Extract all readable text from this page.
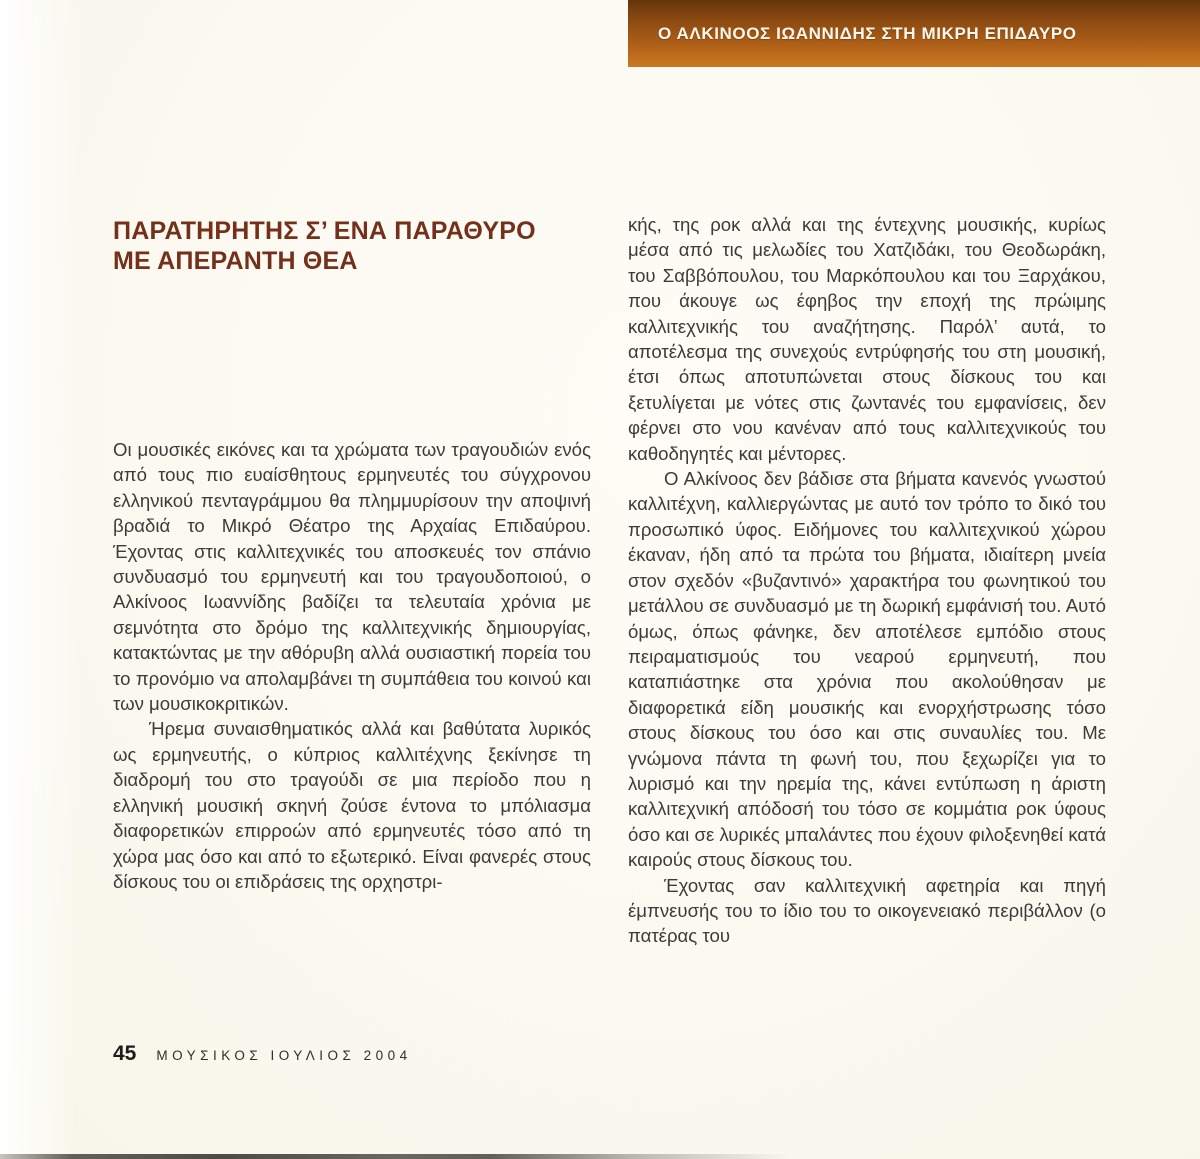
Ο ΑΛΚΙΝΟΟΣ ΙΩΑΝΝΙΔΗΣ ΣΤΗ ΜΙΚΡΗ ΕΠΙΔΑΥΡΟ
ΠΑΡΑΤΗΡΗΤΗΣ Σ’ ΕΝΑ ΠΑΡΑΘΥΡΟ
ΜΕ ΑΠΕΡΑΝΤΗ ΘΕΑ

Οι μουσικές εικόνες και τα χρώματα των τραγουδιών ενός από τους πιο ευαίσθητους ερμηνευτές του σύγχρονου ελληνικού πενταγράμμου θα πλημμυρίσουν την αποψινή βραδιά το Μικρό Θέατρο της Αρχαίας Επιδαύρου. Έχοντας στις καλλιτεχνικές του αποσκευές τον σπάνιο συνδυασμό του ερμηνευτή και του τραγουδοποιού, ο Αλκίνοος Ιωαννίδης βαδίζει τα τελευταία χρόνια με σεμνότητα στο δρόμο της καλλιτεχνικής δημιουργίας, κατακτώντας με την αθόρυβη αλλά ουσιαστική πορεία του το προνόμιο να απολαμβάνει τη συμπάθεια του κοινού και των μουσικοκριτικών.

Ήρεμα συναισθηματικός αλλά και βαθύτατα λυρικός ως ερμηνευτής, ο κύπριος καλλιτέχνης ξεκίνησε τη διαδρομή του στο τραγούδι σε μια περίοδο που η ελληνική μουσική σκηνή ζούσε έντονα το μπόλιασμα διαφορετικών επιρροών από ερμηνευτές τόσο από τη χώρα μας όσο και από το εξωτερικό. Είναι φανερές στους δίσκους του οι επιδράσεις της ορχηστρι-

κής, της ροκ αλλά και της έντεχνης μουσικής, κυρίως μέσα από τις μελωδίες του Χατζιδάκι, του Θεοδωράκη, του Σαββόπουλου, του Μαρκόπουλου και του Ξαρχάκου, που άκουγε ως έφηβος την εποχή της πρώιμης καλλιτεχνικής του αναζήτησης. Παρόλ’ αυτά, το αποτέλεσμα της συνεχούς εντρύφησής του στη μουσική, έτσι όπως αποτυπώνεται στους δίσκους του και ξετυλίγεται με νότες στις ζωντανές του εμφανίσεις, δεν φέρνει στο νου κανέναν από τους καλλιτεχνικούς του καθοδηγητές και μέντορες.

Ο Αλκίνοος δεν βάδισε στα βήματα κανενός γνωστού καλλιτέχνη, καλλιεργώντας με αυτό τον τρόπο το δικό του προσωπικό ύφος. Ειδήμονες του καλλιτεχνικού χώρου έκαναν, ήδη από τα πρώτα του βήματα, ιδιαίτερη μνεία στον σχεδόν «βυζαντινό» χαρακτήρα του φωνητικού του μετάλλου σε συνδυασμό με τη δωρική εμφάνισή του. Αυτό όμως, όπως φάνηκε, δεν αποτέλεσε εμπόδιο στους πειραματισμούς του νεαρού ερμηνευτή, που καταπιάστηκε στα χρόνια που ακολούθησαν με διαφορετικά είδη μουσικής και ενορχήστρωσης τόσο στους δίσκους του όσο και στις συναυλίες του. Με γνώμονα πάντα τη φωνή του, που ξεχωρίζει για το λυρισμό και την ηρεμία της, κάνει εντύπωση η άριστη καλλιτεχνική απόδοσή του τόσο σε κομμάτια ροκ ύφους όσο και σε λυρικές μπαλάντες που έχουν φιλοξενηθεί κατά καιρούς στους δίσκους του.

Έχοντας σαν καλλιτεχνική αφετηρία και πηγή έμπνευσής του το ίδιο του το οικογενειακό περιβάλλον (ο πατέρας του

45 ΜΟΥΣΙΚΟΣ ΙΟΥΛΙΟΣ 2004
